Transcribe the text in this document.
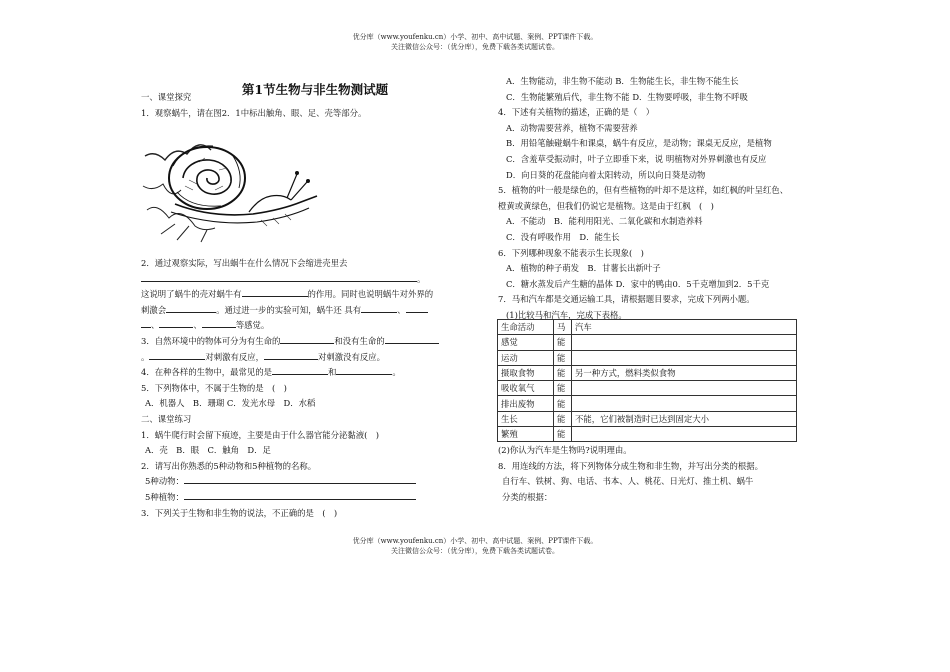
优分库（www.youfenku.cn）小学、初中、高中试题、案例、PPT课件下载。
关注微信公众号：（优分库），免费下载各类试题试卷。
第1节生物与非生物测试题
一、课堂探究
1．观察蜗牛，请在图2．1中标出触角、眼、足、壳等部分。
2．通过观察实际，写出蜗牛在什么情况下会缩进壳里去
。
这说明了蜗牛的壳对蜗牛有	的作用。同时也说明蜗牛对外界的
刺激会	。通过进一步的实验可知，蜗牛还 具有	、
、	、	等感觉。
3．自然环境中的物体可分为有生命的	和没有生命的
。	对刺激有反应，	对刺激没有反应。
4．在种各样的生物中，最常见的是	和	。
5．下列物体中，不属于生物的是　(　)
A．机器人　B．珊瑚 C．发光水母　D．水稻
二、课堂练习
1．蜗牛爬行时会留下痕迹，主要是由于什么器官能分泌黏液(　)
A．壳　B．眼　C．触角　D．足
2．请写出你熟悉的5种动物和5种植物的名称。
5种动物：
5种植物：
3．下列关于生物和非生物的说法，不正确的是　(　)
A．生物能动，非生物不能动 B．生物能生长，非生物不能生长
C．生物能繁殖后代，非生物不能 D．生物要呼吸，非生物不呼吸
4．下述有关植物的描述，正确的是（　）
A．动物需要营养，植物不需要营养
B．用铅笔触碰蜗牛和课桌，蜗牛有反应，是动物；课桌无反应，是植物
C．含羞草受振动时，叶子立即垂下来，说 明植物对外界刺激也有反应
D．向日葵的花盘能向着太阳转动，所以向日葵是动物
5．植物的叶一般是绿色的，但有些植物的叶却不是这样，如红枫的叶呈红色、
橙黄或黄绿色，但我们仍说它是植物。这是由于红枫　(　)
A．不能动　B．能利用阳光、二氧化碳和水制造养料
C．没有呼吸作用　D．能生长
6．下列哪种现象不能表示生长现象(　)
A．植物的种子萌发　B．甘薯长出新叶子
C．糖水蒸发后产生糖的晶体 D．家中的鸭由0．5千克增加到2．5千克
7．马和汽车都是交通运输工具，请根据题目要求，完成下列两小题。
(1)比较马和汽车，完成下表格。
生命活动	马	汽车
感觉	能	
运动	能	
摄取食物	能	另一种方式，燃料类似食物
吸收氧气	能	
排出废物	能	
生长	能	不能，它们被制造时已达到固定大小
繁殖	能	
(2)你认为汽车是生物吗?说明理由。
8．用连线的方法，将下列物体分成生物和非生物，并写出分类的根据。
自行车、铁树、狗、电话、书本、人、桃花、日光灯、推土机、蜗牛
分类的根据：
优分库（www.youfenku.cn）小学、初中、高中试题、案例、PPT课件下载。
关注微信公众号：（优分库），免费下载各类试题试卷。
